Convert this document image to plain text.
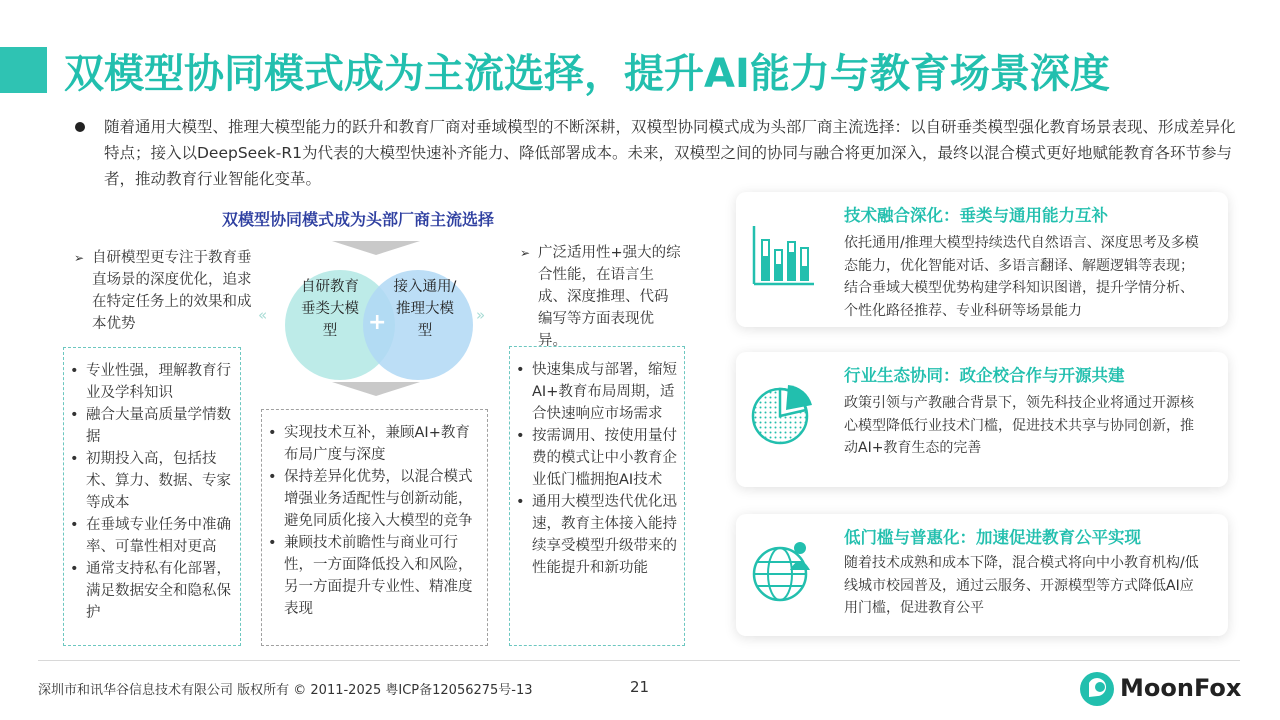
双模型协同模式成为主流选择，提升AI能力与教育场景深度

随着通用大模型、推理大模型能力的跃升和教育厂商对垂域模型的不断深耕，双模型协同模式成为头部厂商主流选择：以自研垂类模型强化教育场景表现、形成差异化特点；接入以DeepSeek-R1为代表的大模型快速补齐能力、降低部署成本。未来，双模型之间的协同与融合将更加深入，最终以混合模式更好地赋能教育各环节参与者，推动教育行业智能化变革。

双模型协同模式成为头部厂商主流选择
➢ 自研模型更专注于教育垂直场景的深度优化，追求在特定任务上的效果和成本优势
➢ 广泛适用性+强大的综合性能，在语言生成、深度推理、代码编写等方面表现优异。
«	»
自研教育垂类大模型
接入通用/推理大模型
+
• 专业性强，理解教育行业及学科知识
• 融合大量高质量学情数据
• 初期投入高，包括技术、算力、数据、专家等成本
• 在垂域专业任务中准确率、可靠性相对更高
• 通常支持私有化部署，满足数据安全和隐私保护
• 实现技术互补，兼顾AI+教育布局广度与深度
• 保持差异化优势，以混合模式增强业务适配性与创新动能，避免同质化接入大模型的竞争
• 兼顾技术前瞻性与商业可行性，一方面降低投入和风险，另一方面提升专业性、精准度表现
• 快速集成与部署，缩短AI+教育布局周期，适合快速响应市场需求
• 按需调用、按使用量付费的模式让中小教育企业低门槛拥抱AI技术
• 通用大模型迭代优化迅速，教育主体接入能持续享受模型升级带来的性能提升和新功能
技术融合深化：垂类与通用能力互补
依托通用/推理大模型持续迭代自然语言、深度思考及多模态能力，优化智能对话、多语言翻译、解题逻辑等表现；结合垂域大模型优势构建学科知识图谱，提升学情分析、个性化路径推荐、专业科研等场景能力
行业生态协同：政企校合作与开源共建
政策引领与产教融合背景下，领先科技企业将通过开源核心模型降低行业技术门槛，促进技术共享与协同创新，推动AI+教育生态的完善
低门槛与普惠化：加速促进教育公平实现
随着技术成熟和成本下降，混合模式将向中小教育机构/低线城市校园普及，通过云服务、开源模型等方式降低AI应用门槛，促进教育公平
深圳市和讯华谷信息技术有限公司 版权所有 © 2011-2025 粤ICP备12056275号-13	21	MoonFox
